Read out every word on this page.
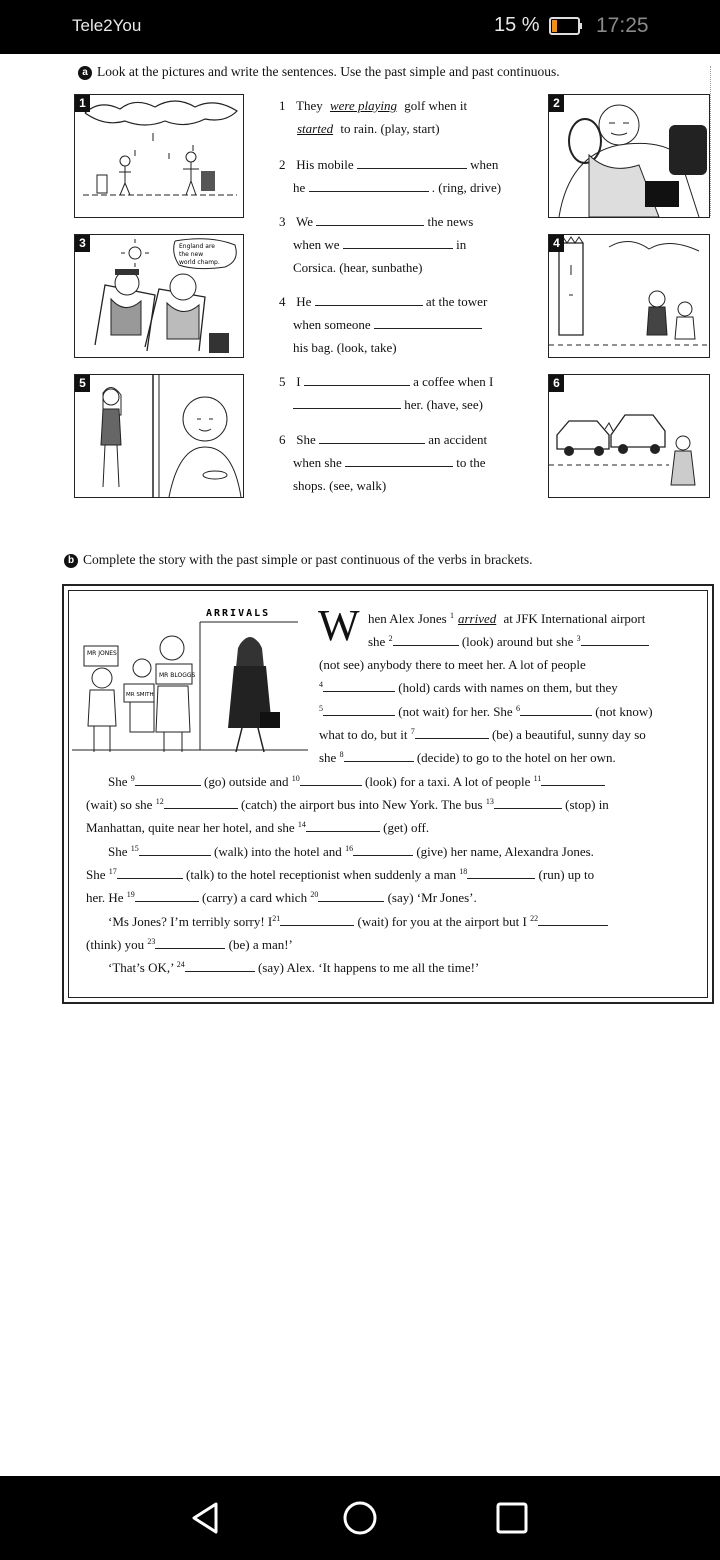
Tele2You	15 %	17:25
a Look at the pictures and write the sentences. Use the past simple and past continuous.
1
England are
the new
world champ.
3
5
2
4
6
1 They were playing golf when it
started to rain. (play, start)
2 His mobile	when
he	. (ring, drive)
3 We	the news
when we	in
Corsica. (hear, sunbathe)
4 He	at the tower
when someone
his bag. (look, take)
5 I	a coffee when I
her. (have, see)
6 She	an accident
when she	to the
shops. (see, walk)
b Complete the story with the past simple or past continuous of the verbs in brackets.
ARRIVALS
MR JONES
MR SMITH
MR BLOGGS
W hen Alex Jones $^1$ arrived at JFK International airport
she $^2$	(look) around but she $^3$
(not see) anybody there to meet her. A lot of people
$^4$	(hold) cards with names on them, but they
$^5$	(not wait) for her. She $^6$	(not know)
what to do, but it $^7$	(be) a beautiful, sunny day so
she $^8$	(decide) to go to the hotel on her own.
She $^9$	(go) outside and $^{10}$	(look) for a taxi. A lot of people $^{11}$
(wait) so she $^{12}$	(catch) the airport bus into New York. The bus $^{13}$	(stop) in
Manhattan, quite near her hotel, and she $^{14}$	(get) off.
She $^{15}$	(walk) into the hotel and $^{16}$	(give) her name, Alexandra Jones.
She $^{17}$	(talk) to the hotel receptionist when suddenly a man $^{18}$	(run) up to
her. He $^{19}$	(carry) a card which $^{20}$	(say) ‘Mr Jones’.
‘Ms Jones? I’m terribly sorry! $I^{21}$	(wait) for you at the airport but I $^{22}$
(think) you $^{23}$	(be) a man!’
‘That’s OK,’ $^{24}$	(say) Alex. ‘It happens to me all the time!’
